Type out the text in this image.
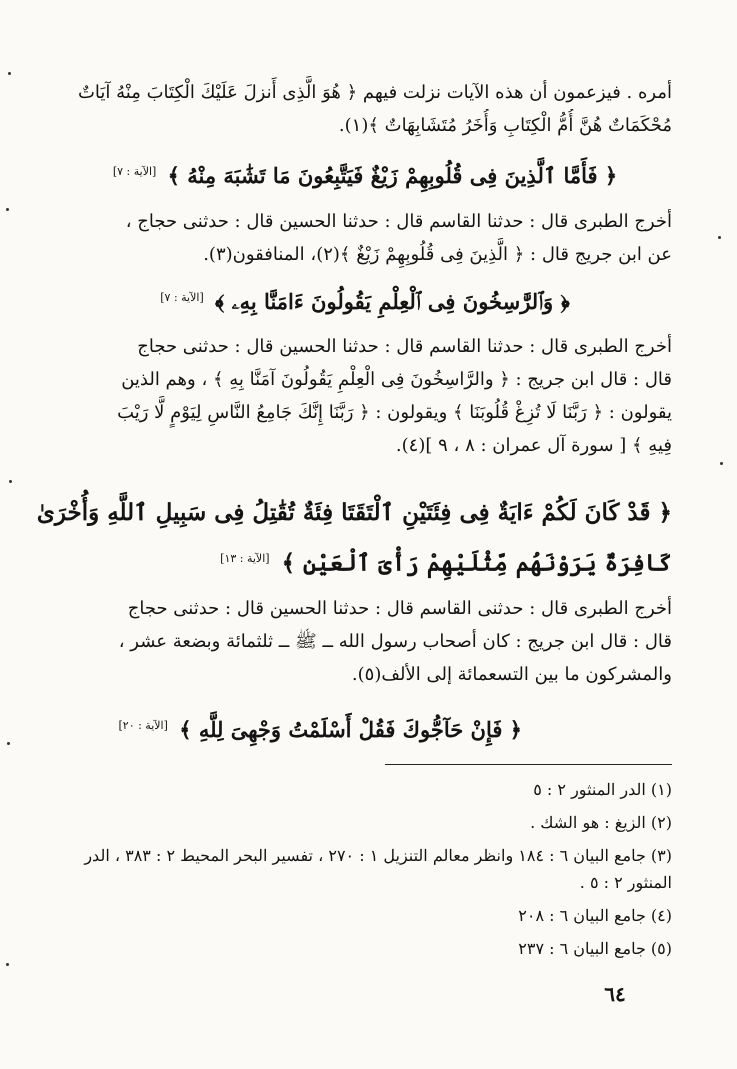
أمره . فيزعمون أن هذه الآيات نزلت فيهم ﴿ هُوَ الَّذِى أَنزلَ عَلَيْكَ الْكِتَابَ مِنْهُ آيَاتٌ
مُحْكَمَاتٌ هُنَّ أُمُّ الْكِتَابِ وَأُخَرُ مُتَشَابِهَاتٌ ﴾(١).
﴿ فَأَمَّا ٱلَّذِينَ فِى قُلُوبِهِمْ زَيْغٌ فَيَتَّبِعُونَ مَا تَشَٰبَهَ مِنْهُ ﴾ [الآية : ٧]
أخرج الطبرى قال : حدثنا القاسم قال : حدثنا الحسين قال : حدثنى حجاج ،
عن ابن جريج قال : ﴿ الَّذِينَ فِى قُلُوبِهِمْ زَيْغٌ ﴾(٢)، المنافقون(٣).
﴿ وَٱلرَّٰسِخُونَ فِى ٱلْعِلْمِ يَقُولُونَ ءَامَنَّا بِهِۦ ﴾ [الآية : ٧]
أخرج الطبرى قال : حدثنا القاسم قال : حدثنا الحسين قال : حدثنى حجاج
قال : قال ابن جريج : ﴿ والرَّاسِخُونَ فِى الْعِلْمِ يَقُولُونَ آمَنَّا بِهِ ﴾ ، وهم الذين
يقولون : ﴿ رَبَّنَا لَا تُزِغْ قُلُوبَنَا ﴾ ويقولون : ﴿ رَبَّنَا إِنَّكَ جَامِعُ النَّاسِ لِيَوْمٍ لَّا رَيْبَ
فِيهِ ﴾ [ سورة آل عمران : ٨ ، ٩ ](٤).
﴿ قَدْ كَانَ لَكُمْ ءَايَةٌ فِى فِئَتَيْنِ ٱلْتَقَتَا فِئَةٌ تُقَٰتِلُ فِى سَبِيلِ ٱللَّهِ وَأُخْرَىٰ
كَافِرَةٌ يَرَوْنَهُم مِّثْلَيْهِمْ رَأْىَ ٱلْعَيْنِ ﴾ [الآية : ١٣]
أخرج الطبرى قال : حدثنى القاسم قال : حدثنا الحسين قال : حدثنى حجاج
قال : قال ابن جريج : كان أصحاب رسول الله ــ ﷺ ــ ثلثمائة وبضعة عشر ،
والمشركون ما بين التسعمائة إلى الألف(٥).
﴿ فَإِنْ حَآجُّوكَ فَقُلْ أَسْلَمْتُ وَجْهِىَ لِلَّهِ ﴾ [الآية : ٢٠]
(١) الدر المنثور ٢ : ٥
(٢) الزيغ : هو الشك .
(٣) جامع البيان ٦ : ١٨٤ وانظر معالم التنزيل ١ : ٢٧٠ ، تفسير البحر المحيط ٢ : ٣٨٣ ، الدر المنثور ٢ : ٥ .
(٤) جامع البيان ٦ : ٢٠٨
(٥) جامع البيان ٦ : ٢٣٧
٦٤
